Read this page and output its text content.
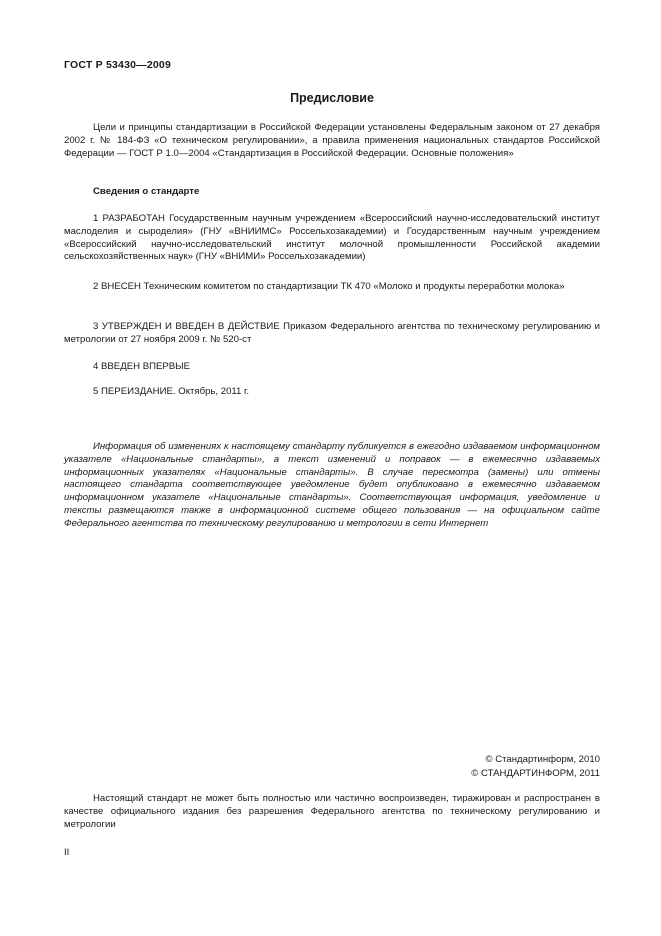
ГОСТ Р 53430—2009
Предисловие

Цели и принципы стандартизации в Российской Федерации установлены Федеральным законом от 27 декабря 2002 г. № 184-ФЗ «О техническом регулировании», а правила применения национальных стандартов Российской Федерации — ГОСТ Р 1.0—2004 «Стандартизация в Российской Федерации. Основные положения»

Сведения о стандарте

1 РАЗРАБОТАН Государственным научным учреждением «Всероссийский научно-исследовательский институт маслоделия и сыроделия» (ГНУ «ВНИИМС» Россельхозакадемии) и Государственным научным учреждением «Всероссийский научно-исследовательский институт молочной промышленности Российской академии сельскохозяйственных наук» (ГНУ «ВНИМИ» Россельхозакадемии)

2 ВНЕСЕН Техническим комитетом по стандартизации ТК 470 «Молоко и продукты переработки молока»

3 УТВЕРЖДЕН И ВВЕДЕН В ДЕЙСТВИЕ Приказом Федерального агентства по техническому регулированию и метрологии от 27 ноября 2009 г. № 520-ст

4 ВВЕДЕН ВПЕРВЫЕ

5 ПЕРЕИЗДАНИЕ. Октябрь, 2011 г.

Информация об изменениях к настоящему стандарту публикуется в ежегодно издаваемом информационном указателе «Национальные стандарты», а текст изменений и поправок — в ежемесячно издаваемых информационных указателях «Национальные стандарты». В случае пересмотра (замены) или отмены настоящего стандарта соответствующее уведомление будет опубликовано в ежемесячно издаваемом информационном указателе «Национальные стандарты». Соответствующая информация, уведомление и тексты размещаются также в информационной системе общего пользования — на официальном сайте Федерального агентства по техническому регулированию и метрологии в сети Интернет

© Стандартинформ, 2010
© СТАНДАРТИНФОРМ, 2011

Настоящий стандарт не может быть полностью или частично воспроизведен, тиражирован и распространен в качестве официального издания без разрешения Федерального агентства по техническому регулированию и метрологии

II
